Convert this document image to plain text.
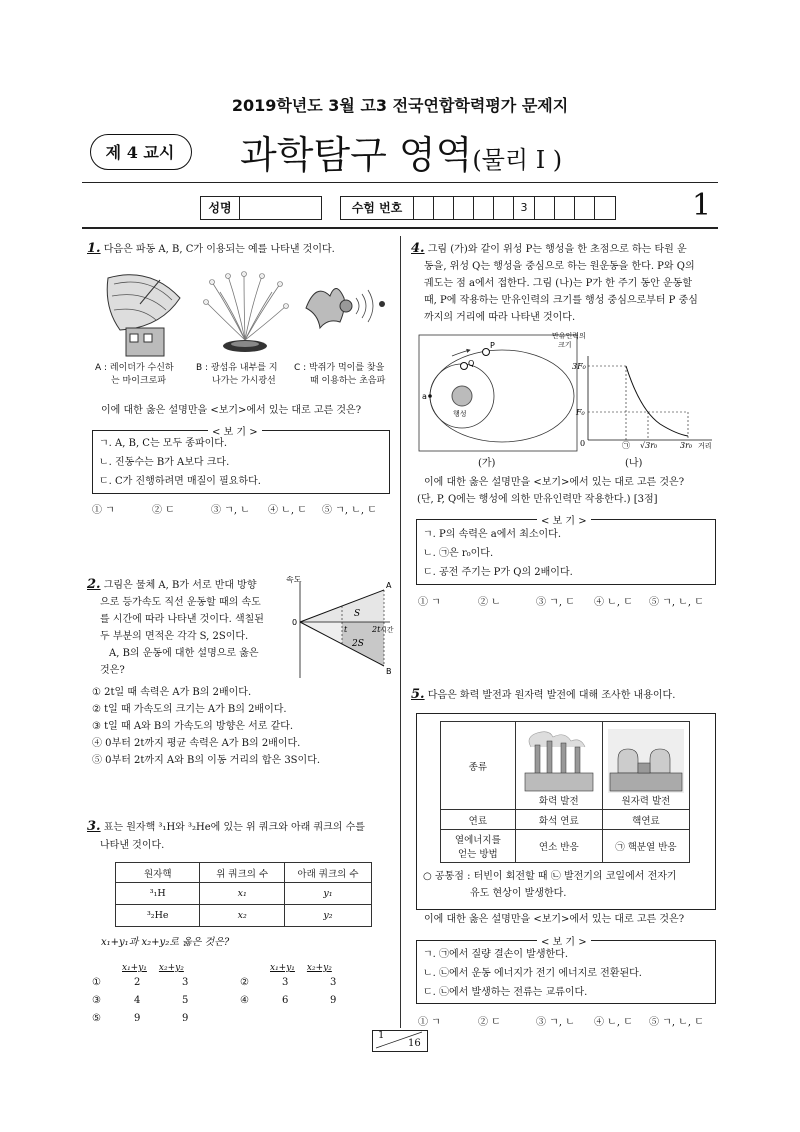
2019학년도 3월 고3 전국연합학력평가 문제지
제 4 교시	과학탐구 영역(물리 I )
성명	수험 번호	3	1
1. 다음은 파동 A, B, C가 이용되는 예를 나타낸 것이다.
A : 레이더가 수신하
는 마이크로파
B : 광섬유 내부를 지
나가는 가시광선
C : 박쥐가 먹이를 찾을
때 이용하는 초음파
이에 대한 옳은 설명만을 <보기>에서 있는 대로 고른 것은?
< 보 기 >
ㄱ. A, B, C는 모두 종파이다.
ㄴ. 진동수는 B가 A보다 크다.
ㄷ. C가 진행하려면 매질이 필요하다.
① ㄱ	② ㄷ	③ ㄱ, ㄴ ④ ㄴ, ㄷ ⑤ ㄱ, ㄴ, ㄷ
2. 그림은 물체 A, B가 서로 반대 방향
으로 등가속도 직선 운동할 때의 속도
를 시간에 따라 나타낸 것이다. 색칠된
두 부분의 면적은 각각 S, 2S이다.
A, B의 운동에 대한 설명으로 옳은
것은?
속도
A
B
0
t	2t 시간
S
2S
① 2t일 때 속력은 A가 B의 2배이다.
② t일 때 가속도의 크기는 A가 B의 2배이다.
③ t일 때 A와 B의 가속도의 방향은 서로 같다.
④ 0부터 2t까지 평균 속력은 A가 B의 2배이다.
⑤ 0부터 2t까지 A와 B의 이동 거리의 합은 3S이다.
3. 표는 원자핵 ³₁H와 ³₂He에 있는 위 쿼크와 아래 쿼크의 수를
나타낸 것이다.
원자핵	위 쿼크의 수	아래 쿼크의 수
³₁H	x₁	y₁
³₂He	x₂	y₂
x₁+y₁과 x₂+y₂로 옳은 것은?
x₁+y₁ x₂+y₂	x₁+y₁ x₂+y₂
①	2	3	②	3	3
③	4	5	④	6	9
⑤	9	9
4. 그림 (가)와 같이 위성 P는 행성을 한 초점으로 하는 타원 운
동을, 위성 Q는 행성을 중심으로 하는 원운동을 한다. P와 Q의
궤도는 점 a에서 접한다. 그림 (나)는 P가 한 주기 동안 운동할
때, P에 작용하는 만유인력의 크기를 행성 중심으로부터 P 중심
까지의 거리에 따라 나타낸 것이다.
P
Q
a
행성
만유인력의
크기
3F₀
F₀
0	㉠ √3r₀	3r₀ 거리
(가)	(나)
이에 대한 옳은 설명만을 <보기>에서 있는 대로 고른 것은?
(단, P, Q에는 행성에 의한 만유인력만 작용한다.) [3점]
< 보 기 >
ㄱ. P의 속력은 a에서 최소이다.
ㄴ. ㉠은 r₀이다.
ㄷ. 공전 주기는 P가 Q의 2배이다.
① ㄱ	② ㄴ	③ ㄱ, ㄷ ④ ㄴ, ㄷ ⑤ ㄱ, ㄴ, ㄷ
5. 다음은 화력 발전과 원자력 발전에 대해 조사한 내용이다.
종류	화력 발전	원자력 발전

연료	화석 연료	핵연료

열에너지를
얻는 방법	연소 반응	㉠ 핵분열 반응
○ 공통점 : 터빈이 회전할 때 ㉡ 발전기의 코일에서 전자기
유도 현상이 발생한다.
이에 대한 옳은 설명만을 <보기>에서 있는 대로 고른 것은?
< 보 기 >
ㄱ. ㉠에서 질량 결손이 발생한다.
ㄴ. ㉡에서 운동 에너지가 전기 에너지로 전환된다.
ㄷ. ㉡에서 발생하는 전류는 교류이다.
① ㄱ	② ㄷ	③ ㄱ, ㄴ ④ ㄴ, ㄷ ⑤ ㄱ, ㄴ, ㄷ
1
16
